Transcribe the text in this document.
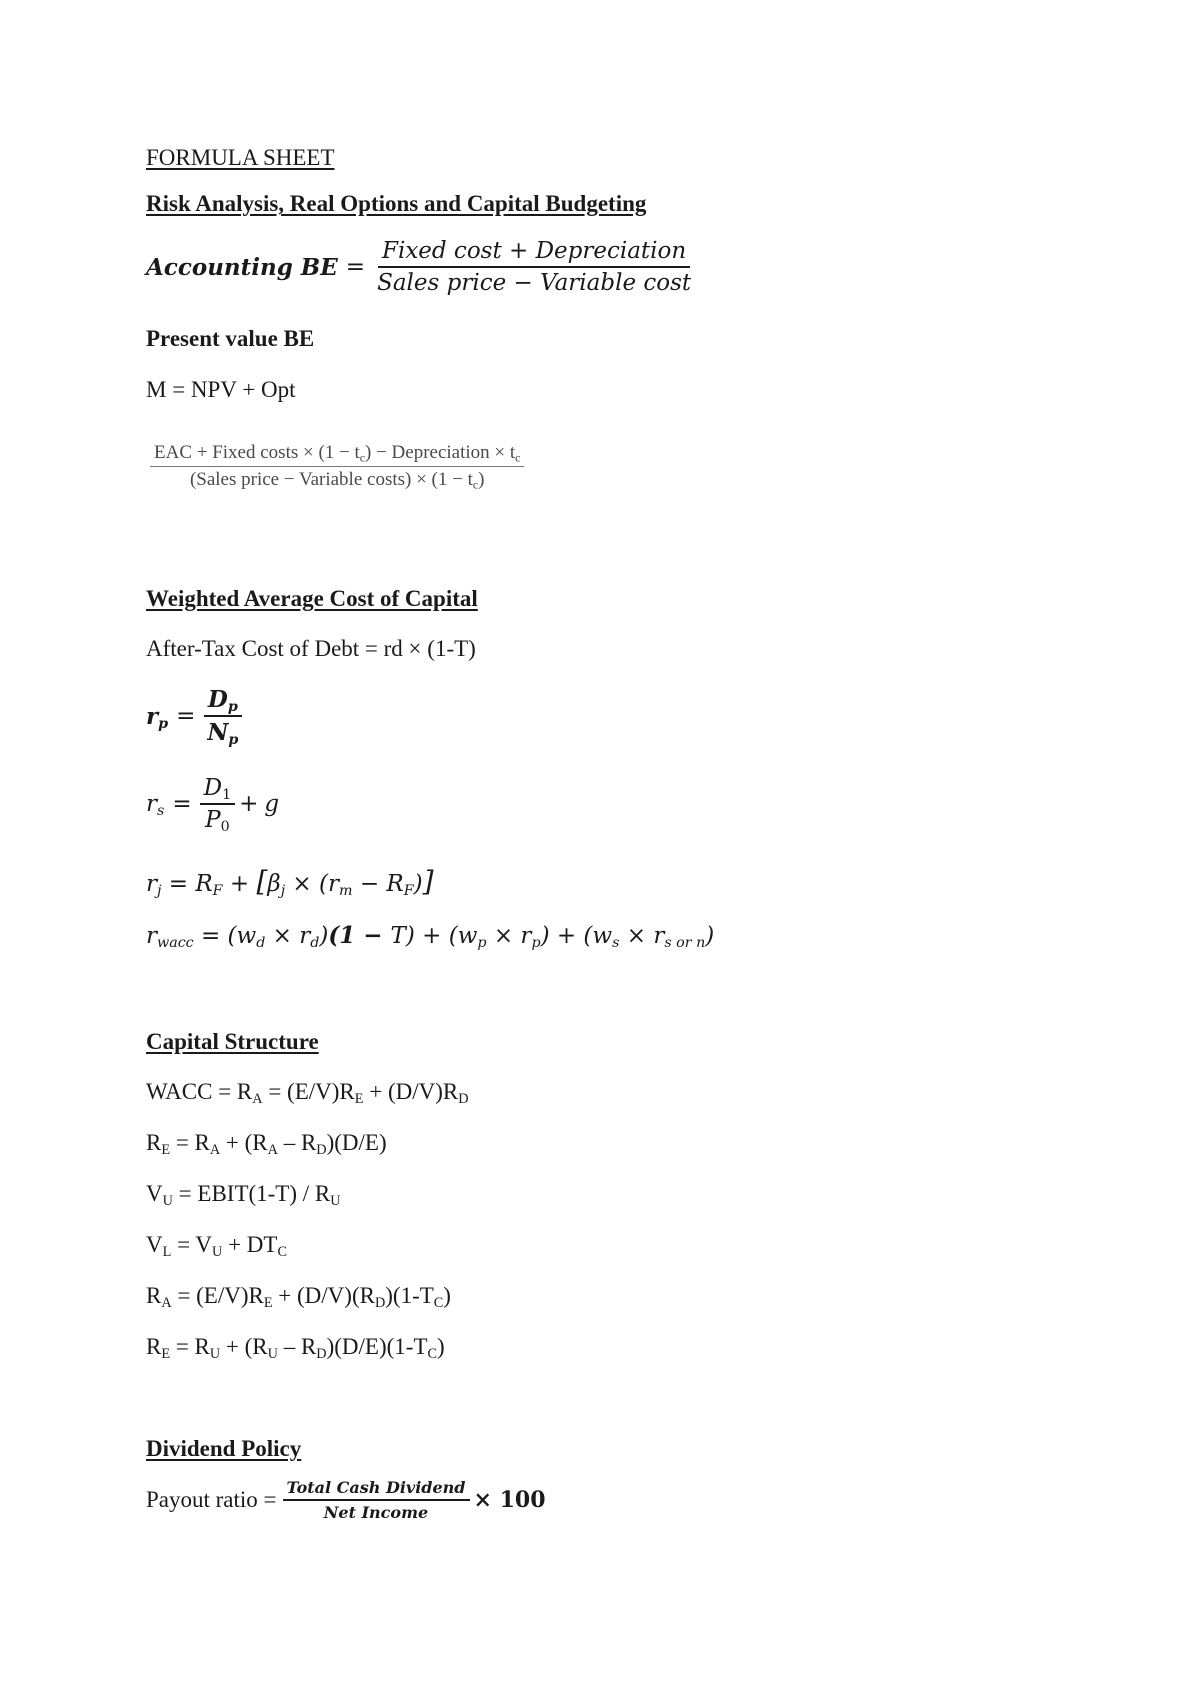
FORMULA SHEET
Risk Analysis, Real Options and Capital Budgeting
Accounting BE = $\frac{\text{Fixed cost + Depreciation}}{\text{Sales price − Variable cost}}$
Present value BE
M = NPV + Opt
$\frac{EAC + Fixed costs \times (1 - t_c) - Depreciation \times t_c}{(Sales price - Variable costs) \times (1 - t_c)}$
Weighted Average Cost of Capital
After-Tax Cost of Debt = rd × (1-T)
$r_p = \frac{D_p}{N_p}$
$r_s = \frac{D_1}{P_0} + g$
$r_j = R_F + [\beta_j \times (r_m - R_F)]$
$r_{wacc} = (w_d \times r_d)(1 - T) + (w_p \times r_p) + (w_s \times r_{s or n})$
Capital Structure
WACC = $R_A = (E/V)R_E + (D/V)R_D$
$R_E = R_A + (R_A - R_D)(D/E)$
$V_U$ = EBIT(1-T) / $R_U$
$V_L = V_U + DT_C$
$R_A = (E/V)R_E + (D/V)(R_D)(1-T_C)$
$R_E = R_U + (R_U - R_D)(D/E)(1-T_C)$
Dividend Policy
Payout ratio = $\frac{\text{Total Cash Dividend}}{\text{Net Income}} \times 100$
